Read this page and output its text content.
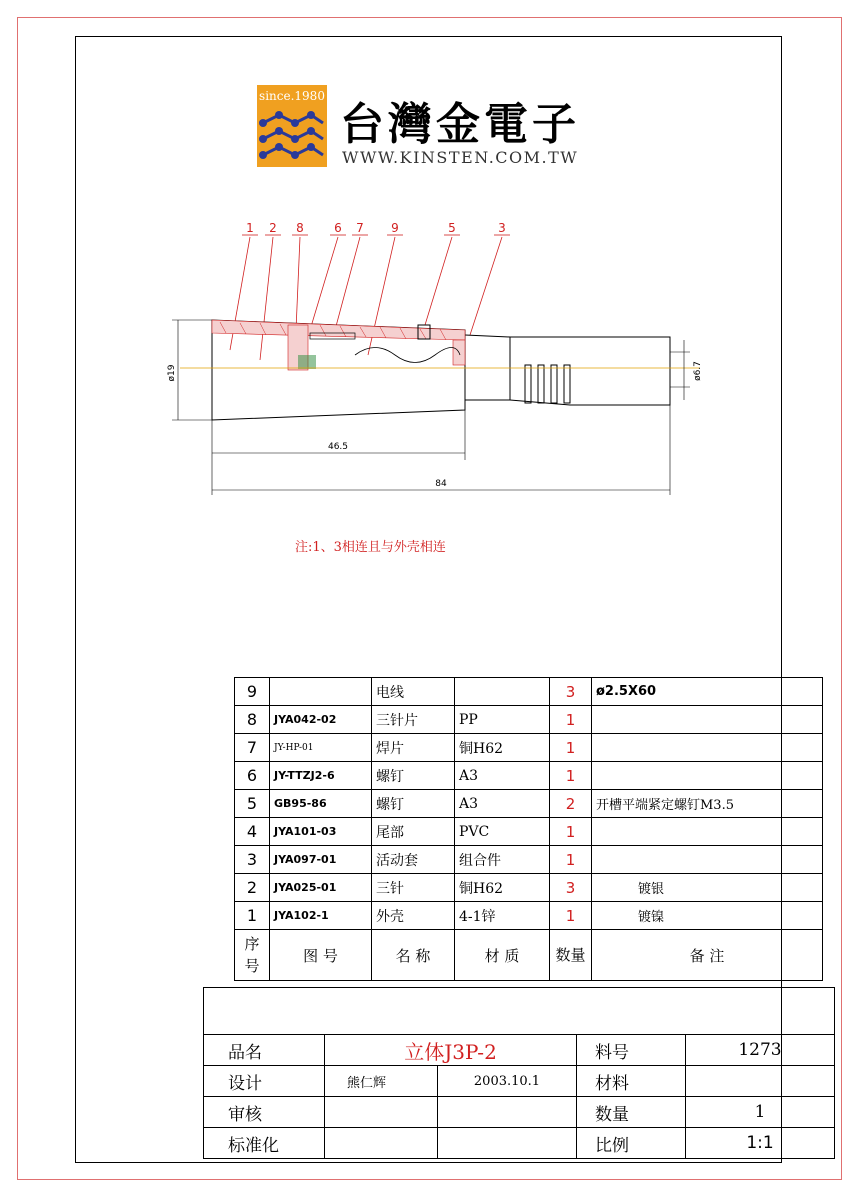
since.1980
台灣金電子
WWW.KINSTEN.COM.TW
1 2 8	6 7 9	5	3
ø19	ø6.7
46.5
84
注:1、3相连且与外壳相连
9		电线		3	ø2.5X60
8	JYA042-02	三针片	PP	1	
7	JY-HP-01	焊片	铜H62	1	
6	JY-TTZJ2-6	螺钉	A3	1	
5	GB95-86	螺钉	A3	2	开槽平端紧定螺钉M3.5
4	JYA101-03	尾部	PVC	1	
3	JYA097-01	活动套	组合件	1	
2	JYA025-01	三针	铜H62	3	镀银
1	JYA102-1	外壳	4-1锌	1	镀镍
序号	图 号	名 称	材 质	数量	备 注

品名	立体J3P-2		料号	1273
设计	熊仁辉	2003.10.1	材料	
审核			数量	1
标准化			比例	1:1
